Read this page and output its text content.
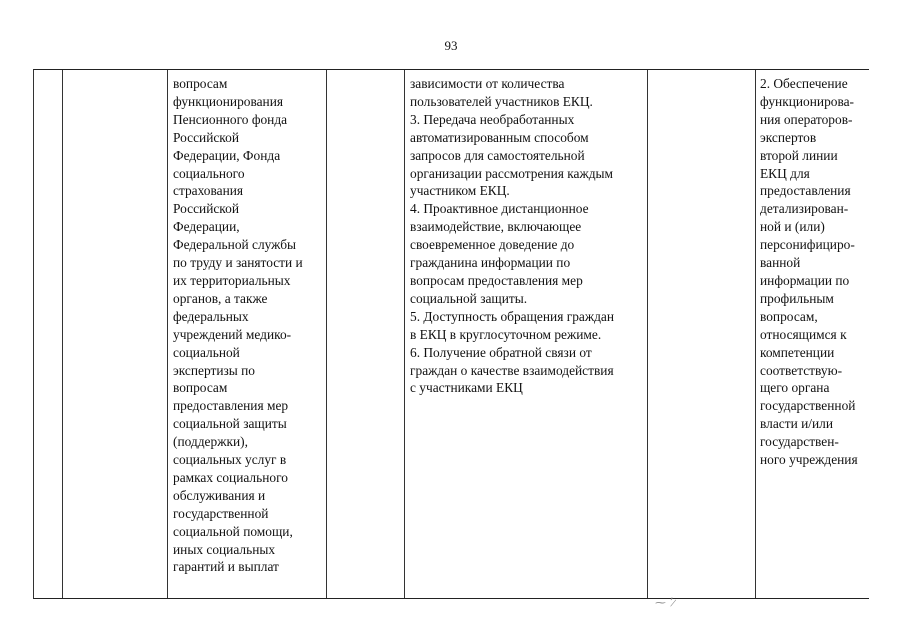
93
вопросам
функционирования
Пенсионного фонда
Российской
Федерации, Фонда
социального
страхования
Российской
Федерации,
Федеральной службы
по труду и занятости и
их территориальных
органов, а также
федеральных
учреждений медико-
социальной
экспертизы по
вопросам
предоставления мер
социальной защиты
(поддержки),
социальных услуг в
рамках социального
обслуживания и
государственной
социальной помощи,
иных социальных
гарантий и выплат
зависимости от количества
пользователей участников ЕКЦ.
3. Передача необработанных
автоматизированным способом
запросов для самостоятельной
организации рассмотрения каждым
участником ЕКЦ.
4. Проактивное дистанционное
взаимодействие, включающее
своевременное доведение до
гражданина информации по
вопросам предоставления мер
социальной защиты.
5. Доступность обращения граждан
в ЕКЦ в круглосуточном режиме.
6. Получение обратной связи от
граждан о качестве взаимодействия
с участниками ЕКЦ
2. Обеспечение
функционирова-
ния операторов-
экспертов
второй линии
ЕКЦ для
предоставления
детализирован-
ной и (или)
персонифициро-
ванной
информации по
профильным
вопросам,
относящимся к
компетенции
соответствую-
щего органа
государственной
власти и/или
государствен-
ного учреждения
⁓ ʼ ̷
